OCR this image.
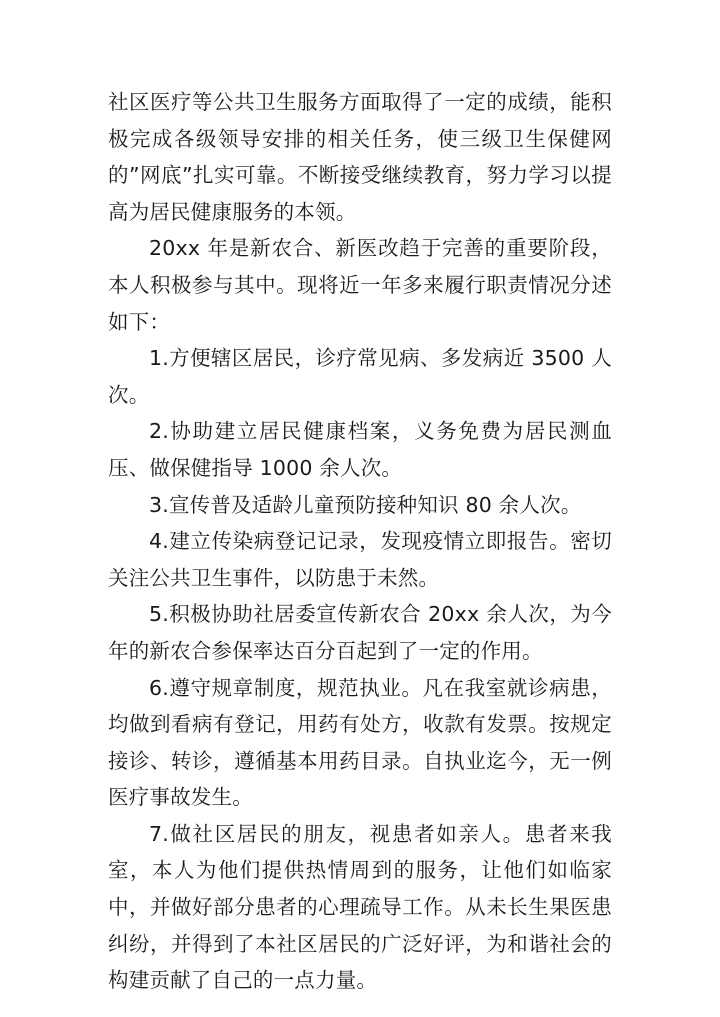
社区医疗等公共卫生服务方面取得了一定的成绩，能积极完成各级领导安排的相关任务，使三级卫生保健网的”网底”扎实可靠。不断接受继续教育，努力学习以提高为居民健康服务的本领。

20xx 年是新农合、新医改趋于完善的重要阶段，本人积极参与其中。现将近一年多来履行职责情况分述如下：

1.方便辖区居民，诊疗常见病、多发病近 3500 人次。

2.协助建立居民健康档案，义务免费为居民测血压、做保健指导 1000 余人次。

3.宣传普及适龄儿童预防接种知识 80 余人次。

4.建立传染病登记记录，发现疫情立即报告。密切关注公共卫生事件，以防患于未然。

5.积极协助社居委宣传新农合 20xx 余人次，为今年的新农合参保率达百分百起到了一定的作用。

6.遵守规章制度，规范执业。凡在我室就诊病患，均做到看病有登记，用药有处方，收款有发票。按规定接诊、转诊，遵循基本用药目录。自执业迄今，无一例医疗事故发生。

7.做社区居民的朋友，视患者如亲人。患者来我室，本人为他们提供热情周到的服务，让他们如临家中，并做好部分患者的心理疏导工作。从未长生果医患纠纷，并得到了本社区居民的广泛好评，为和谐社会的构建贡献了自己的一点力量。
